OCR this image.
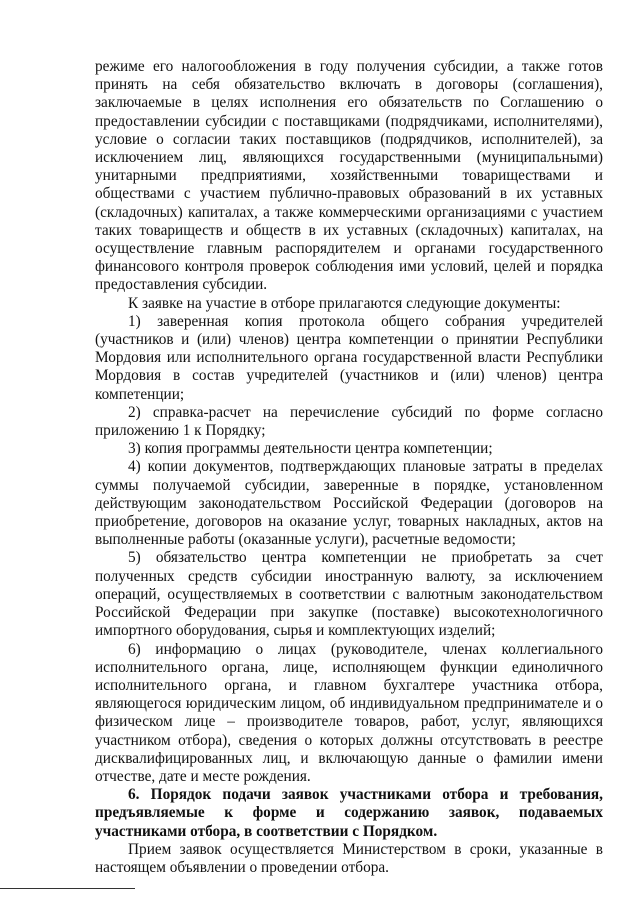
режиме его налогообложения в году получения субсидии, а также готов принять на себя обязательство включать в договоры (соглашения), заключаемые в целях исполнения его обязательств по Соглашению о предоставлении субсидии с поставщиками (подрядчиками, исполнителями), условие о согласии таких поставщиков (подрядчиков, исполнителей), за исключением лиц, являющихся государственными (муниципальными) унитарными предприятиями, хозяйственными товариществами и обществами с участием публично-правовых образований в их уставных (складочных) капиталах, а также коммерческими организациями с участием таких товариществ и обществ в их уставных (складочных) капиталах, на осуществление главным распорядителем и органами государственного финансового контроля проверок соблюдения ими условий, целей и порядка предоставления субсидии.

К заявке на участие в отборе прилагаются следующие документы:

1) заверенная копия протокола общего собрания учредителей (участников и (или) членов) центра компетенции о принятии Республики Мордовия или исполнительного органа государственной власти Республики Мордовия в состав учредителей (участников и (или) членов) центра компетенции;

2) справка-расчет на перечисление субсидий по форме согласно приложению 1 к Порядку;

3) копия программы деятельности центра компетенции;

4) копии документов, подтверждающих плановые затраты в пределах суммы получаемой субсидии, заверенные в порядке, установленном действующим законодательством Российской Федерации (договоров на приобретение, договоров на оказание услуг, товарных накладных, актов на выполненные работы (оказанные услуги), расчетные ведомости;

5) обязательство центра компетенции не приобретать за счет полученных средств субсидии иностранную валюту, за исключением операций, осуществляемых в соответствии с валютным законодательством Российской Федерации при закупке (поставке) высокотехнологичного импортного оборудования, сырья и комплектующих изделий;

6) информацию о лицах (руководителе, членах коллегиального исполнительного органа, лице, исполняющем функции единоличного исполнительного органа, и главном бухгалтере участника отбора, являющегося юридическим лицом, об индивидуальном предпринимателе и о физическом лице – производителе товаров, работ, услуг, являющихся участником отбора), сведения о которых должны отсутствовать в реестре дисквалифицированных лиц, и включающую данные о фамилии имени отчестве, дате и месте рождения.

6. Порядок подачи заявок участниками отбора и требования, предъявляемые к форме и содержанию заявок, подаваемых участниками отбора, в соответствии с Порядком.

Прием заявок осуществляется Министерством в сроки, указанные в настоящем объявлении о проведении отбора.
